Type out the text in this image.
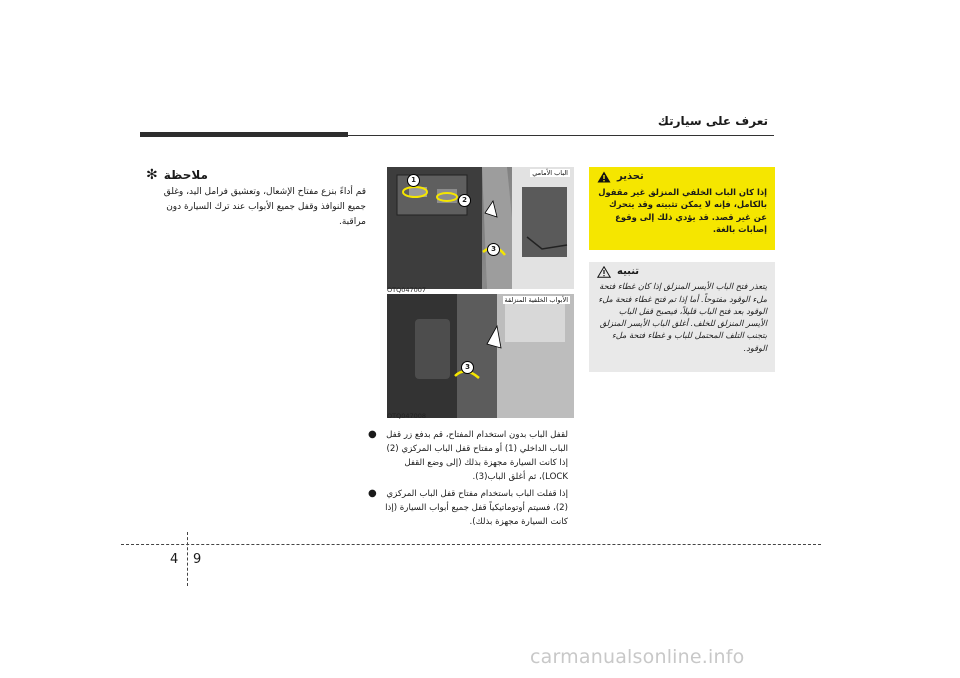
تعرف على سيارتك
✻ ملاحظة
قم أداءً بنزع مفتاح الإشعال، وتعشيق فرامل اليد، وغلق جميع النوافذ وقفل جميع الأبواب عند ترك السيارة دون مراقبة.
●	لقفل الباب بدون استخدام المفتاح، قم بدفع زر قفل الباب الداخلي (1) أو مفتاح قفل الباب المركزي (2) إذا كانت السيارة مجهزة بذلك (إلى وضع القفل LOCK)، ثم أغلق الباب(3).
●	إذا قفلت الباب باستخدام مفتاح قفل الباب المركزي (2)، فسيتم أوتوماتيكياً قفل جميع أبواب السيارة (إذا كانت السيارة مجهزة بذلك).
1
2
3
الباب الأمامي
OTQ047007
3
الأبواب الخلفية المنزلقة
OTQ047008
تحذير
إذا كان الباب الخلفي المنزلق غير مقفول بالكامل، فإنه لا يمكن تثبيته وقد يتحرك عن غير قصد. قد يؤدي ذلك إلى وقوع إصابات بالغة.
تنبيه
يتعذر فتح الباب الأيسر المنزلق إذا كان غطاء فتحة ملء الوقود مفتوحاً. أما إذا تم فتح غطاء فتحة ملء الوقود بعد فتح الباب قليلاً، فيصبح قفل الباب الأيسر المنزلق للخلف. أغلق الباب الأيسر المنزلق بتجنب التلف المحتمل للباب و غطاء فتحة ملء الوقود.
4 9
carmanualsonline.info
